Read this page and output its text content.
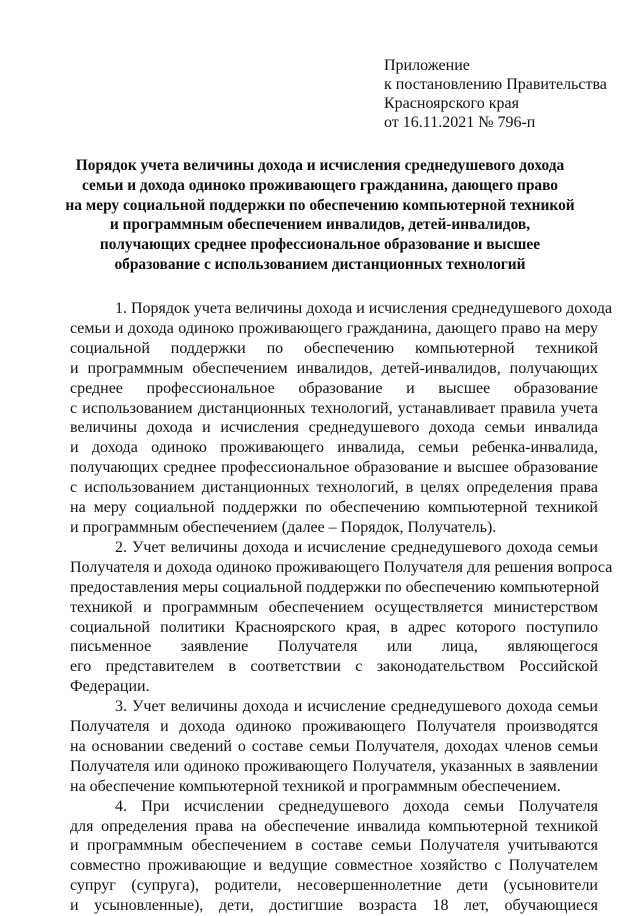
Приложение
к постановлению Правительства
Красноярского края
от 16.11.2021 № 796-п
Порядок учета величины дохода и исчисления среднедушевого дохода
семьи и дохода одиноко проживающего гражданина, дающего право
на меру социальной поддержки по обеспечению компьютерной техникой
и программным обеспечением инвалидов, детей-инвалидов,
получающих среднее профессиональное образование и высшее
образование с использованием дистанционных технологий
1. Порядок учета величины дохода и исчисления среднедушевого дохода
семьи и дохода одиноко проживающего гражданина, дающего право на меру
социальной поддержки по обеспечению компьютерной техникой
и программным обеспечением инвалидов, детей-инвалидов, получающих
среднее профессиональное образование и высшее образование
с использованием дистанционных технологий, устанавливает правила учета
величины дохода и исчисления среднедушевого дохода семьи инвалида
и дохода одиноко проживающего инвалида, семьи ребенка-инвалида,
получающих среднее профессиональное образование и высшее образование
с использованием дистанционных технологий, в целях определения права
на меру социальной поддержки по обеспечению компьютерной техникой
и программным обеспечением (далее – Порядок, Получатель).
2. Учет величины дохода и исчисление среднедушевого дохода семьи
Получателя и дохода одиноко проживающего Получателя для решения вопроса
предоставления меры социальной поддержки по обеспечению компьютерной
техникой и программным обеспечением осуществляется министерством
социальной политики Красноярского края, в адрес которого поступило
письменное заявление Получателя или лица, являющегося
его представителем в соответствии с законодательством Российской
Федерации.
3. Учет величины дохода и исчисление среднедушевого дохода семьи
Получателя и дохода одиноко проживающего Получателя производятся
на основании сведений о составе семьи Получателя, доходах членов семьи
Получателя или одиноко проживающего Получателя, указанных в заявлении
на обеспечение компьютерной техникой и программным обеспечением.
4. При исчислении среднедушевого дохода семьи Получателя
для определения права на обеспечение инвалида компьютерной техникой
и программным обеспечением в составе семьи Получателя учитываются
совместно проживающие и ведущие совместное хозяйство с Получателем
супруг (супруга), родители, несовершеннолетние дети (усыновители
и усыновленные), дети, достигшие возраста 18 лет, обучающиеся
